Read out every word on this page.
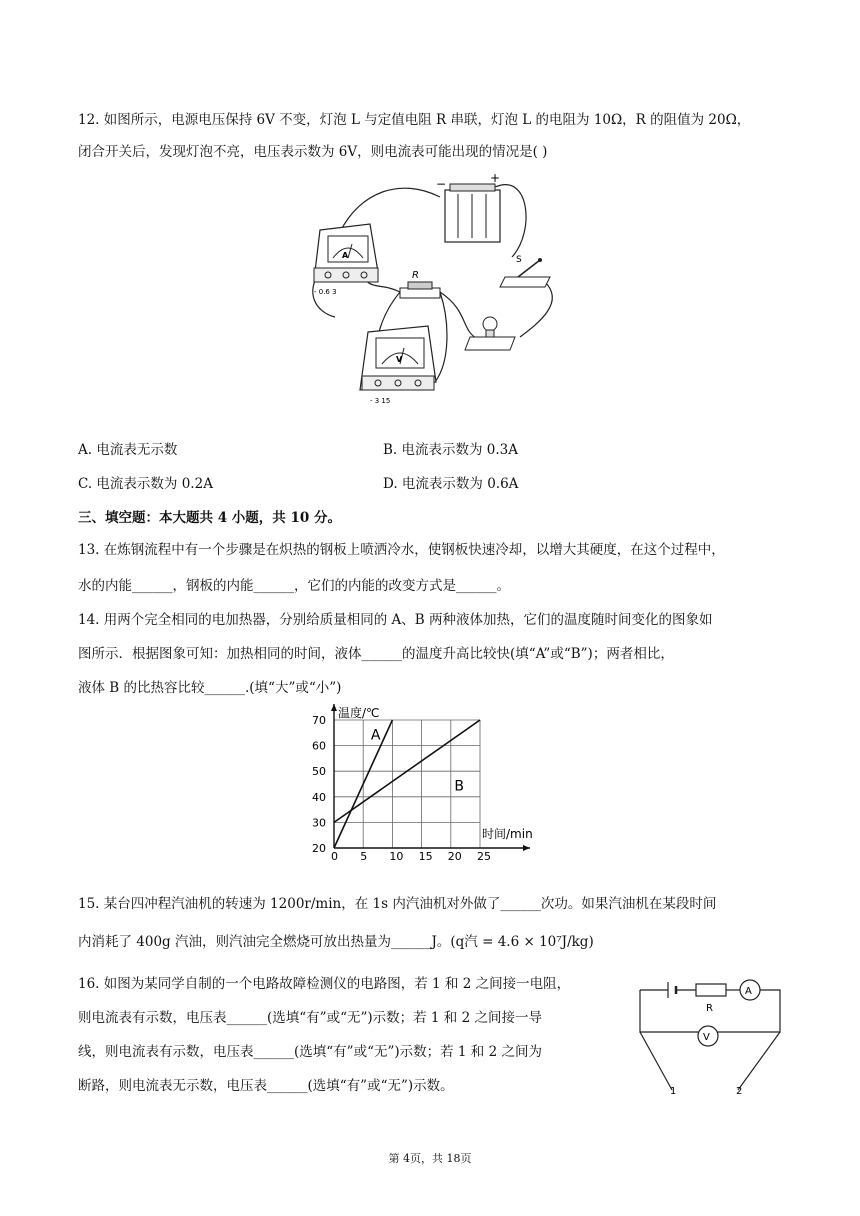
12. 如图所示，电源电压保持 6V 不变，灯泡 L 与定值电阻 R 串联，灯泡 L 的电阻为 10Ω，R 的阻值为 20Ω，
闭合开关后，发现灯泡不亮，电压表示数为 6V，则电流表可能出现的情况是( )
−	+
A
- 0.6 3
R
S
V
- 3 15
A. 电流表无示数	B. 电流表示数为 0.3A
C. 电流表示数为 0.2A	D. 电流表示数为 0.6A
三、填空题：本大题共 4 小题，共 10 分。
13. 在炼钢流程中有一个步骤是在炽热的钢板上喷洒冷水，使钢板快速冷却，以增大其硬度，在这个过程中，
水的内能______，钢板的内能______，它们的内能的改变方式是______。
14. 用两个完全相同的电加热器，分别给质量相同的 A、B 两种液体加热，它们的温度随时间变化的图象如
图所示．根据图象可知：加热相同的时间，液体______的温度升高比较快(填“A”或“B”)；两者相比，
液体 B 的比热容比较______.(填“大”或“小”)
A
B
0 5 10 15 20 25
20
30
40
50
60
70
温度/℃
时间/min
15. 某台四冲程汽油机的转速为 1200r/min，在 1s 内汽油机对外做了______次功。如果汽油机在某段时间
内消耗了 400g 汽油，则汽油完全燃烧可放出热量为______J。(q汽 = 4.6 × 10⁷J/kg)
16. 如图为某同学自制的一个电路故障检测仪的电路图，若 1 和 2 之间接一电阻，
则电流表有示数，电压表______(选填“有”或“无”)示数；若 1 和 2 之间接一导
线，则电流表有示数，电压表______(选填“有”或“无”)示数；若 1 和 2 之间为
断路，则电流表无示数，电压表______(选填“有”或“无”)示数。
R
A
V
1	2
第 4页，共 18页
